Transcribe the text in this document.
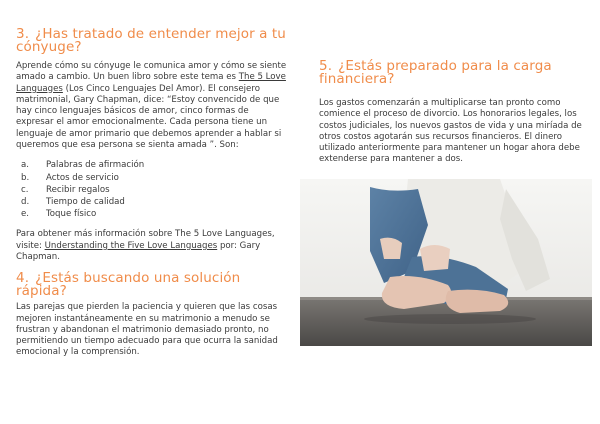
3. ¿Has tratado de entender mejor a tu cónyuge?

Aprende cómo su cónyuge le comunica amor y cómo se siente amado a cambio. Un buen libro sobre este tema es The 5 Love Languages (Los Cinco Lenguajes Del Amor). El consejero matrimonial, Gary Chapman, dice: “Estoy convencido de que hay cinco lenguajes básicos de amor, cinco formas de expresar el amor emocionalmente. Cada persona tiene un lenguaje de amor primario que debemos aprender a hablar si queremos que esa persona se sienta amada ”. Son:

a.	Palabras de afirmación
b.	Actos de servicio
c.	Recibir regalos
d.	Tiempo de calidad
e.	Toque físico

Para obtener más información sobre The 5 Love Languages, visite: Understanding the Five Love Languages por: Gary Chapman.

4. ¿Estás buscando una solución rápida?

Las parejas que pierden la paciencia y quieren que las cosas mejoren instantáneamente en su matrimonio a menudo se frustran y abandonan el matrimonio demasiado pronto, no permitiendo un tiempo adecuado para que ocurra la sanidad emocional y la comprensión.

5. ¿Estás preparado para la carga financiera?

Los gastos comenzarán a multiplicarse tan pronto como comience el proceso de divorcio. Los honorarios legales, los costos judiciales, los nuevos gastos de vida y una miríada de otros costos agotarán sus recursos financieros. El dinero utilizado anteriormente para mantener un hogar ahora debe extenderse para mantener a dos.
